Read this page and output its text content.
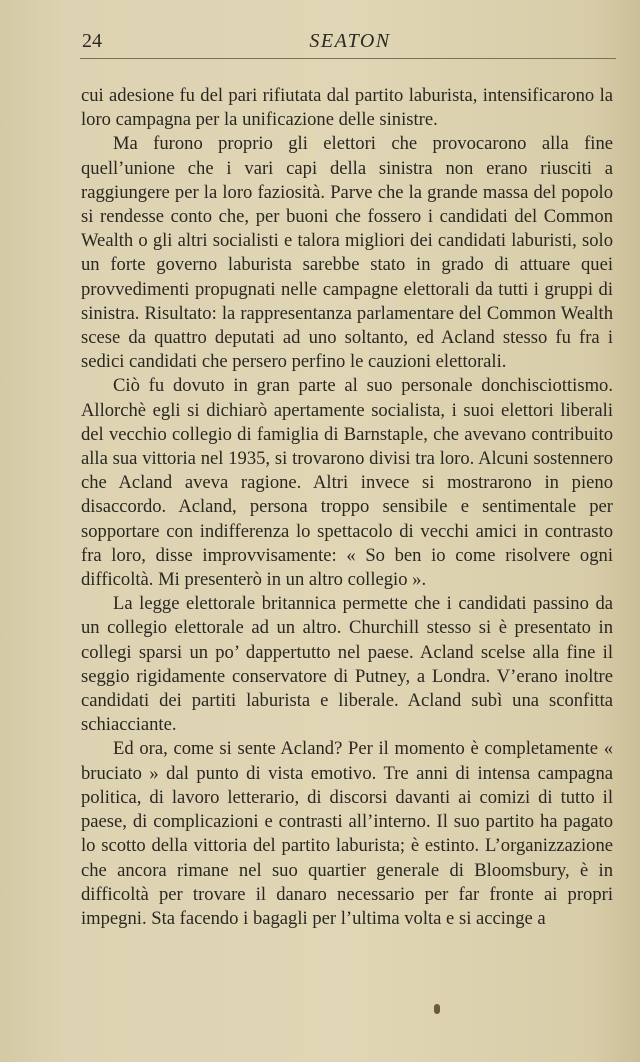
24	SEATON

cui adesione fu del pari rifiutata dal partito laburista, intensificarono la loro campagna per la unificazione delle sinistre.

Ma furono proprio gli elettori che provocarono alla fine quell’unione che i vari capi della sinistra non erano riusciti a raggiungere per la loro faziosità. Parve che la grande massa del popolo si rendesse conto che, per buoni che fossero i candidati del Common Wealth o gli altri socialisti e talora migliori dei candidati laburisti, solo un forte governo laburista sarebbe stato in grado di attuare quei provvedimenti propugnati nelle campagne elettorali da tutti i gruppi di sinistra. Risultato: la rappresentanza parlamentare del Common Wealth scese da quattro deputati ad uno soltanto, ed Acland stesso fu fra i sedici candidati che persero perfino le cauzioni elettorali.

Ciò fu dovuto in gran parte al suo personale donchisciottismo. Allorchè egli si dichiarò apertamente socialista, i suoi elettori liberali del vecchio collegio di famiglia di Barnstaple, che avevano contribuito alla sua vittoria nel 1935, si trovarono divisi tra loro. Alcuni sostennero che Acland aveva ragione. Altri invece si mostrarono in pieno disaccordo. Acland, persona troppo sensibile e sentimentale per sopportare con indifferenza lo spettacolo di vecchi amici in contrasto fra loro, disse improvvisamente: « So ben io come risolvere ogni difficoltà. Mi presenterò in un altro collegio ».

La legge elettorale britannica permette che i candidati passino da un collegio elettorale ad un altro. Churchill stesso si è presentato in collegi sparsi un po’ dappertutto nel paese. Acland scelse alla fine il seggio rigidamente conservatore di Putney, a Londra. V’erano inoltre candidati dei partiti laburista e liberale. Acland subì una sconfitta schiacciante.

Ed ora, come si sente Acland? Per il momento è completamente « bruciato » dal punto di vista emotivo. Tre anni di intensa campagna politica, di lavoro letterario, di discorsi davanti ai comizi di tutto il paese, di complicazioni e contrasti all’interno. Il suo partito ha pagato lo scotto della vittoria del partito laburista; è estinto. L’organizzazione che ancora rimane nel suo quartier generale di Bloomsbury, è in difficoltà per trovare il danaro necessario per far fronte ai propri impegni. Sta facendo i bagagli per l’ultima volta e si accinge a
